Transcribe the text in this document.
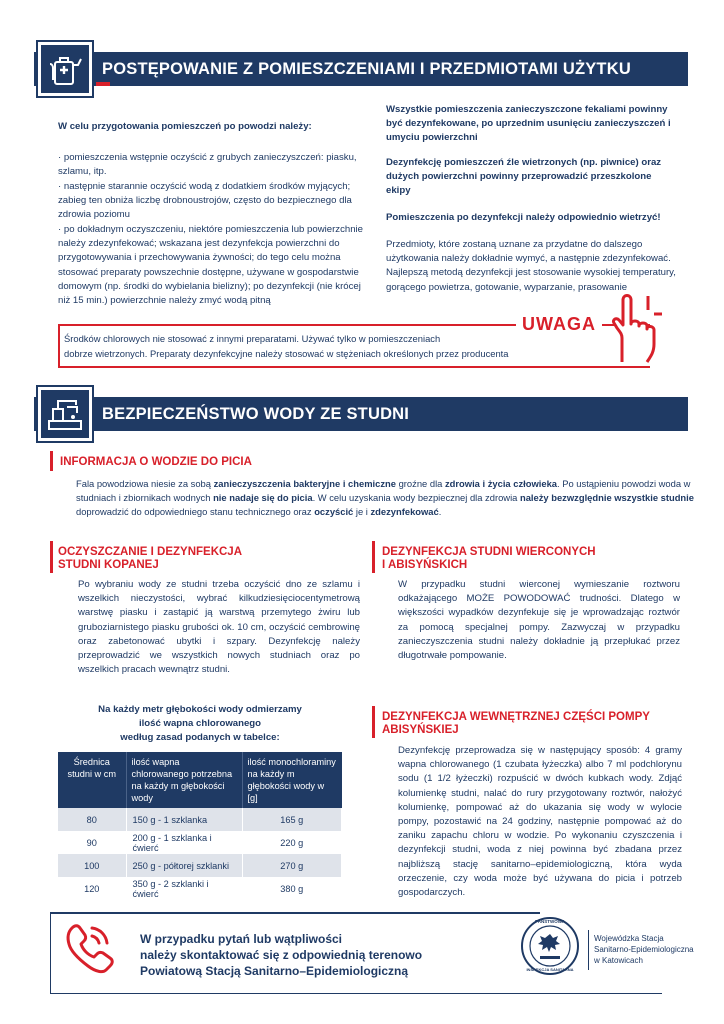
POSTĘPOWANIE Z POMIESZCZENIAMI I PRZEDMIOTAMI UŻYTKU
W celu przygotowania pomieszczeń po powodzi należy:
· pomieszczenia wstępnie oczyścić z grubych zanieczyszczeń: piasku, szlamu, itp.
· następnie starannie oczyścić wodą z dodatkiem środków myjących; zabieg ten obniża liczbę drobnoustrojów, często do bezpiecznego dla zdrowia poziomu
· po dokładnym oczyszczeniu, niektóre pomieszczenia lub powierzchnie należy zdezynfekować; wskazana jest dezynfekcja powierzchni do przygotowywania i przechowywania żywności; do tego celu można stosować preparaty powszechnie dostępne, używane w gospodarstwie domowym (np. środki do wybielania bielizny); po dezynfekcji (nie krócej niż 15 min.) powierzchnie należy zmyć wodą pitną
Wszystkie pomieszczenia zanieczyszczone fekaliami powinny być dezynfekowane, po uprzednim usunięciu zanieczyszczeń i umyciu powierzchni
Dezynfekcję pomieszczeń źle wietrzonych (np. piwnice) oraz dużych powierzchni powinny przeprowadzić przeszkolone ekipy
Pomieszczenia po dezynfekcji należy odpowiednio wietrzyć!
Przedmioty, które zostaną uznane za przydatne do dalszego użytkowania należy dokładnie wymyć, a następnie zdezynfekować. Najlepszą metodą dezynfekcji jest stosowanie wysokiej temperatury, gorącego powietrza, gotowanie, wyparzanie, prasowanie
UWAGA
Środków chlorowych nie stosować z innymi preparatami. Używać tylko w pomieszczeniach
dobrze wietrzonych. Preparaty dezynfekcyjne należy stosować w stężeniach określonych przez producenta
BEZPIECZEŃSTWO WODY ZE STUDNI
INFORMACJA O WODZIE DO PICIA
Fala powodziowa niesie za sobą zanieczyszczenia bakteryjne i chemiczne groźne dla zdrowia i życia człowieka. Po ustąpieniu powodzi woda w studniach i zbiornikach wodnych nie nadaje się do picia. W celu uzyskania wody bezpiecznej dla zdrowia należy bezwzględnie wszystkie studnie doprowadzić do odpowiedniego stanu technicznego oraz oczyścić je i zdezynfekować.
OCZYSZCZANIE I DEZYNFEKCJA
STUDNI KOPANEJ
Po wybraniu wody ze studni trzeba oczyścić dno ze szlamu i wszelkich nieczystości, wybrać kilkudziesięciocentymetrową warstwę piasku i zastąpić ją warstwą przemytego żwiru lub gruboziarnistego piasku grubości ok. 10 cm, oczyścić cembrowinę oraz zabetonować ubytki i szpary. Dezynfekcję należy przeprowadzić we wszystkich nowych studniach oraz po wszelkich pracach wewnątrz studni.
Na każdy metr głębokości wody odmierzamy
ilość wapna chlorowanego
według zasad podanych w tabelce:
Średnica studni w cm	ilość wapna chlorowanego potrzebna na każdy m głębokości wody	ilość monochloraminy na każdy m głębokości wody w [g]
80	150 g - 1 szklanka	165 g
90	200 g - 1 szklanka i ćwierć	220 g
100	250 g - półtorej szklanki	270 g
120	350 g - 2 szklanki i ćwierć	380 g
DEZYNFEKCJA STUDNI WIERCONYCH
I ABISYŃSKICH
W przypadku studni wierconej wymieszanie roztworu odkażającego MOŻE POWODOWAĆ trudności. Dlatego w większości wypadków dezynfekuje się je wprowadzając roztwór za pomocą specjalnej pompy. Zazwyczaj w przypadku zanieczyszczenia studni należy dokładnie ją przepłukać przez długotrwałe pompowanie.
DEZYNFEKCJA WEWNĘTRZNEJ CZĘŚCI POMPY
ABISYŃSKIEJ
Dezynfekcję przeprowadza się w następujący sposób: 4 gramy wapna chlorowanego (1 czubata łyżeczka) albo 7 ml podchlorynu sodu (1 1/2 łyżeczki) rozpuścić w dwóch kubkach wody. Zdjąć kolumienkę studni, nalać do rury przygotowany roztwór, nałożyć kolumienkę, pompować aż do ukazania się wody w wylocie pompy, pozostawić na 24 godziny, następnie pompować aż do zaniku zapachu chloru w wodzie. Po wykonaniu czyszczenia i dezynfekcji studni, woda z niej powinna być zbadana przez najbliższą stację sanitarno–epidemiologiczną, która wyda orzeczenie, czy woda może być używana do picia i potrzeb gospodarczych.
W przypadku pytań lub wątpliwości
należy skontaktować się z odpowiednią terenowo
Powiatową Stacją Sanitarno–Epidemiologiczną
PAŃSTWOWA
INSPEKCJA SANITARNA
Wojewódzka Stacja
Sanitarno-Epidemiologiczna
w Katowicach
